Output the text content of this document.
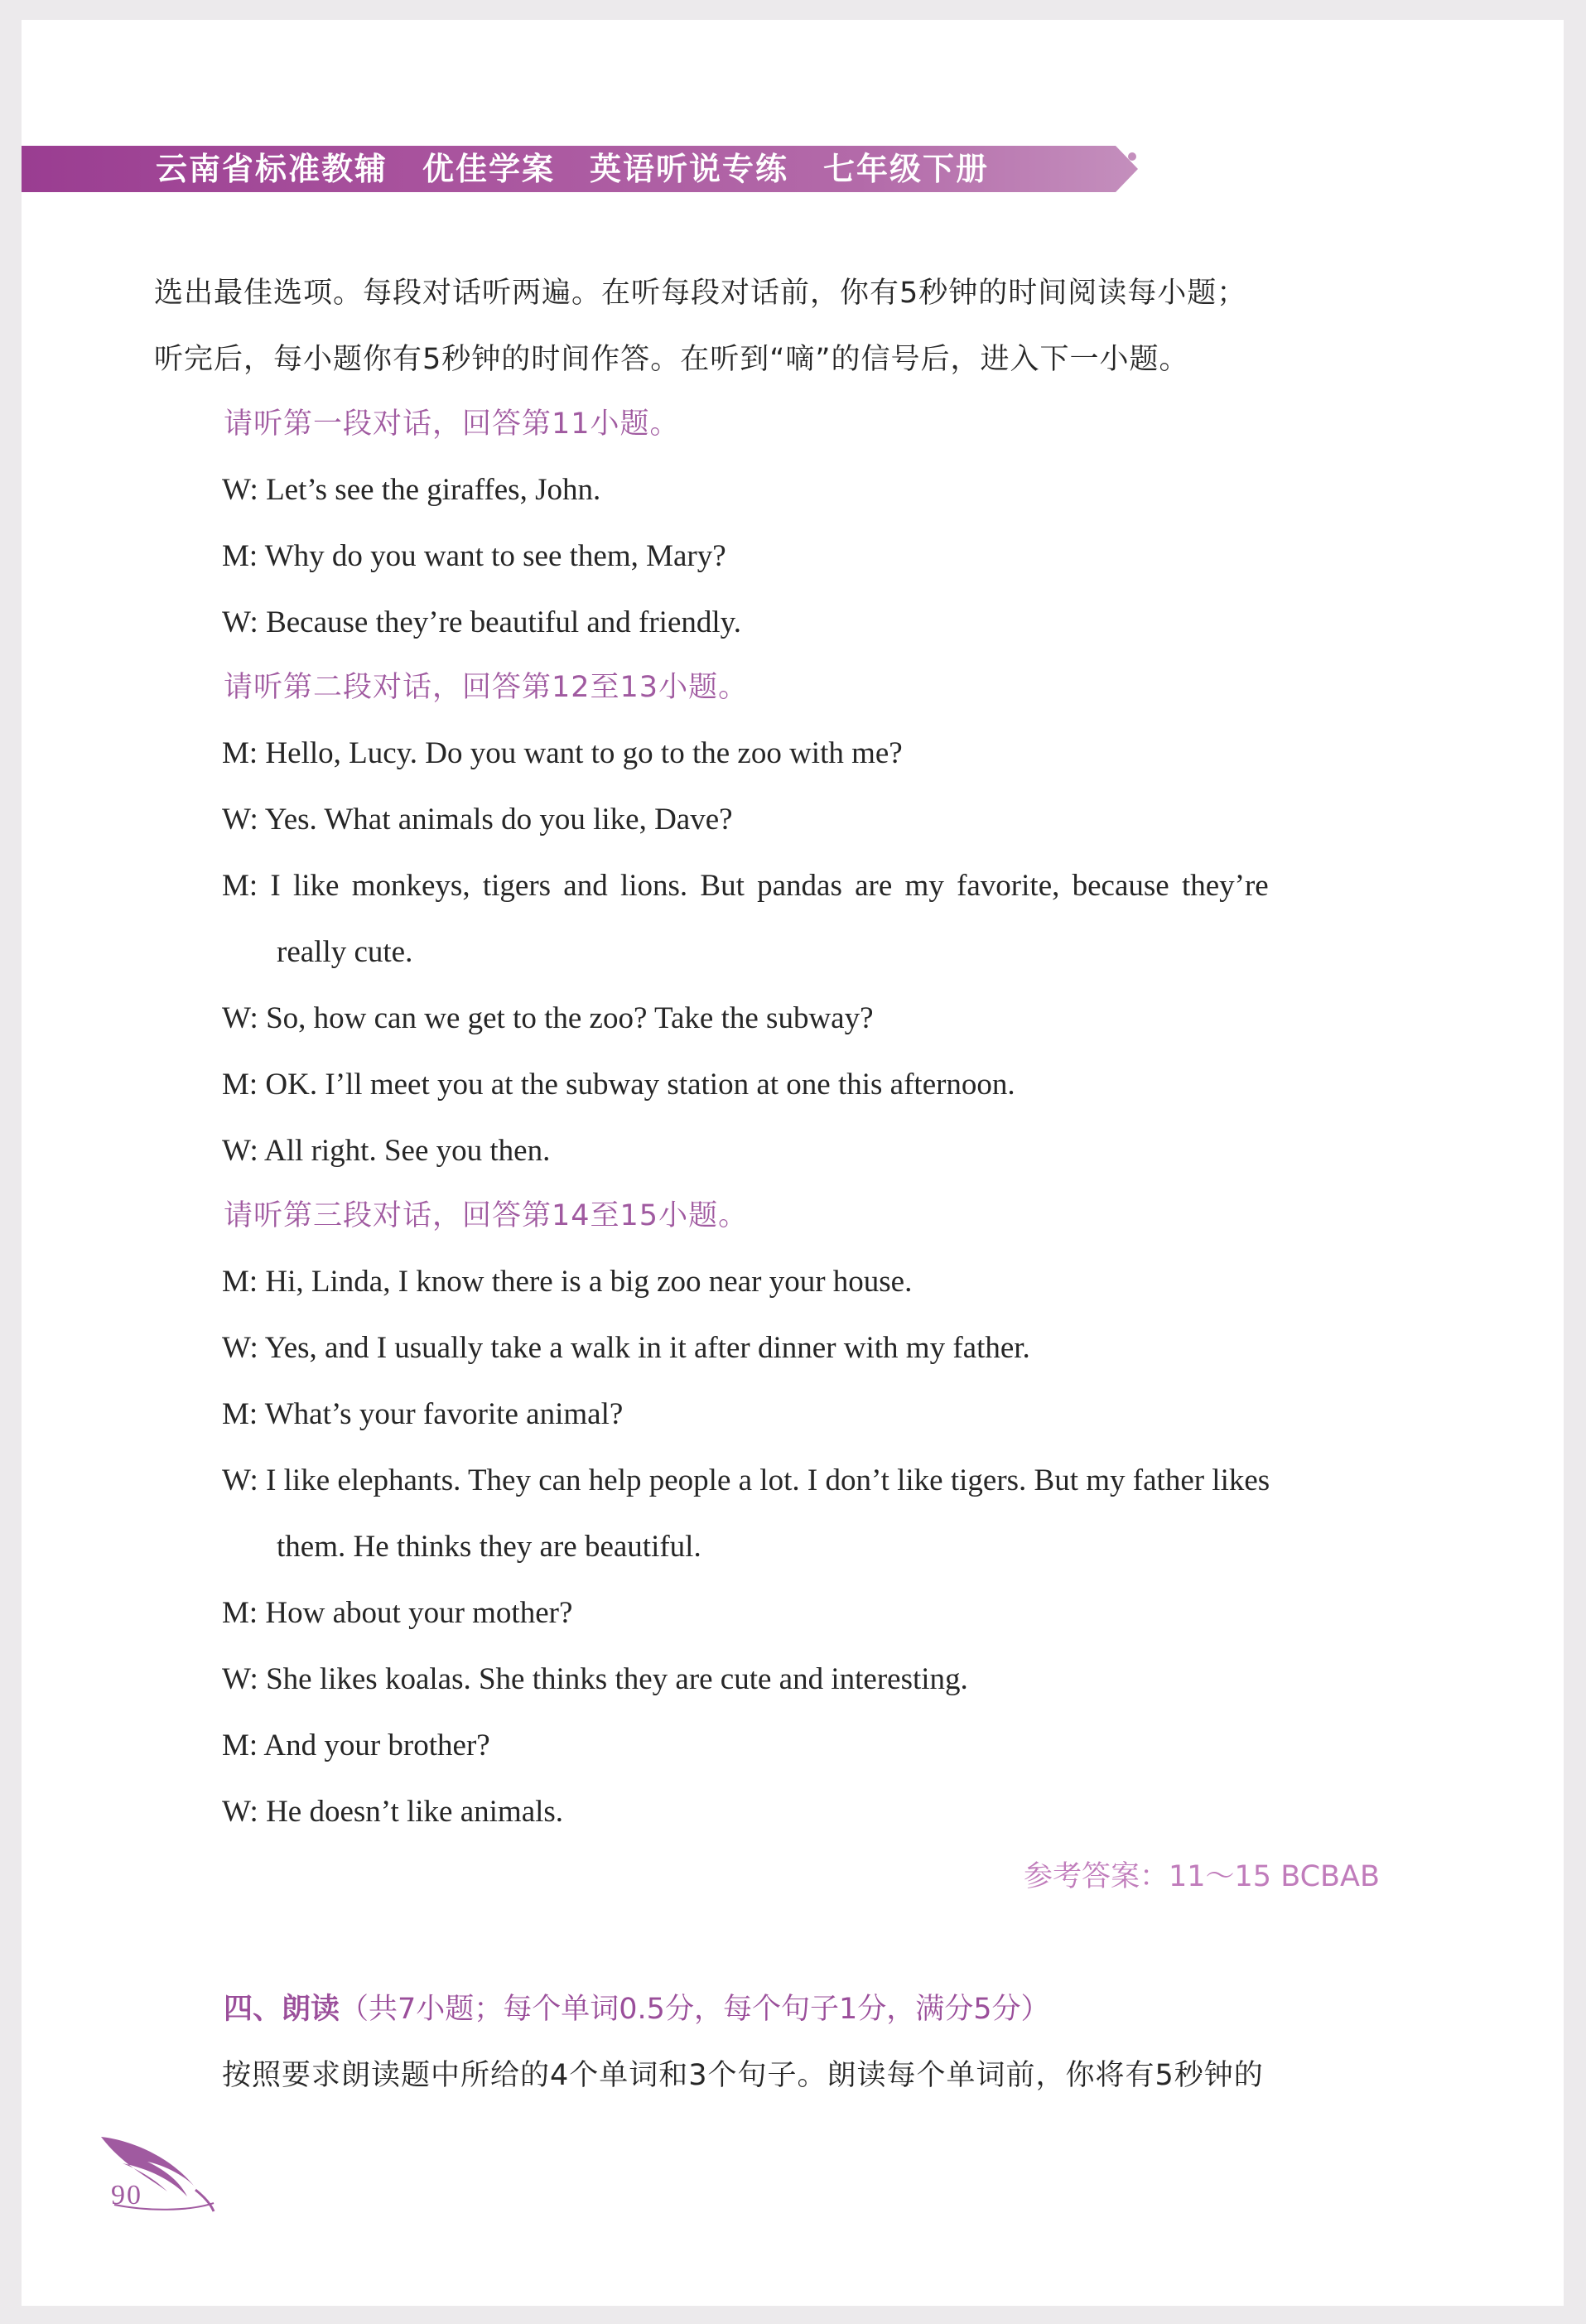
云南省标准教辅 优佳学案 英语听说专练 七年级下册
选出最佳选项。每段对话听两遍。在听每段对话前，你有5秒钟的时间阅读每小题；
听完后，每小题你有5秒钟的时间作答。在听到“嘀”的信号后，进入下一小题。
请听第一段对话，回答第11小题。
W: Let’s see the giraffes, John.
M: Why do you want to see them, Mary?
W: Because they’re beautiful and friendly.
请听第二段对话，回答第12至13小题。
M: Hello, Lucy. Do you want to go to the zoo with me?
W: Yes. What animals do you like, Dave?
M: I like monkeys, tigers and lions. But pandas are my favorite, because they’re
really cute.
W: So, how can we get to the zoo? Take the subway?
M: OK. I’ll meet you at the subway station at one this afternoon.
W: All right. See you then.
请听第三段对话，回答第14至15小题。
M: Hi, Linda, I know there is a big zoo near your house.
W: Yes, and I usually take a walk in it after dinner with my father.
M: What’s your favorite animal?
W: I like elephants. They can help people a lot. I don’t like tigers. But my father likes
them. He thinks they are beautiful.
M: How about your mother?
W: She likes koalas. She thinks they are cute and interesting.
M: And your brother?
W: He doesn’t like animals.
参考答案：11～15 BCBAB
四、朗读（共7小题；每个单词0.5分，每个句子1分，满分5分）
按照要求朗读题中所给的4个单词和3个句子。朗读每个单词前，你将有5秒钟的
90
